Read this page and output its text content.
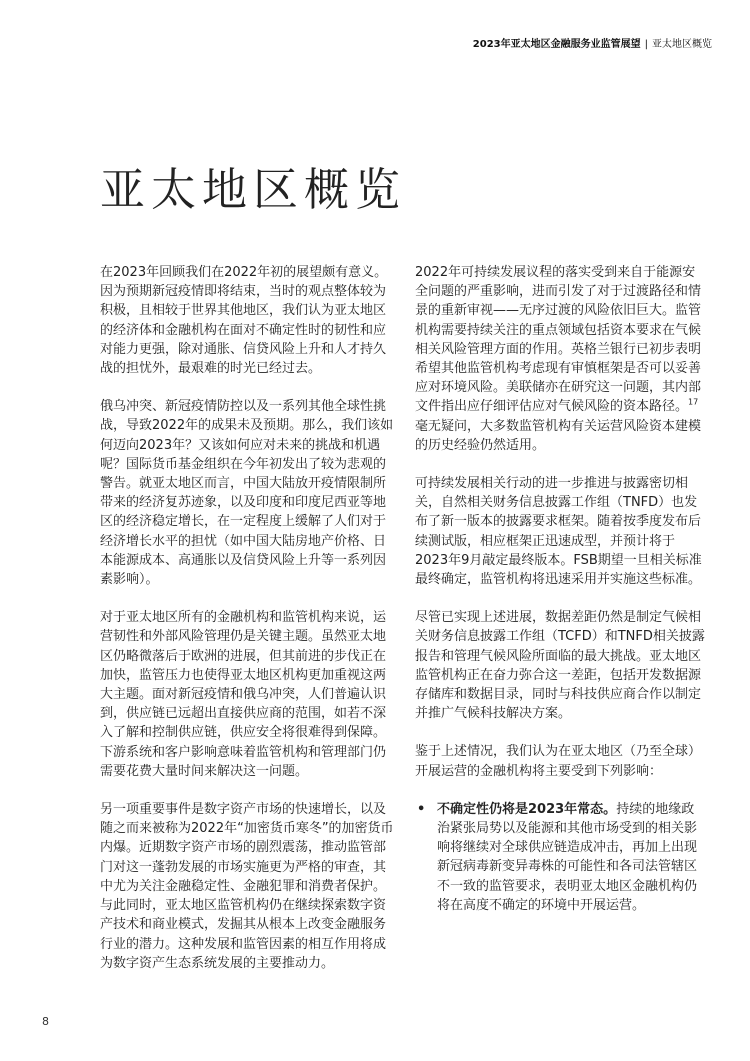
2023年亚太地区金融服务业监管展望 | 亚太地区概览
亚太地区概览

在2023年回顾我们在2022年初的展望颇有意义。因为预期新冠疫情即将结束，当时的观点整体较为积极，且相较于世界其他地区，我们认为亚太地区的经济体和金融机构在面对不确定性时的韧性和应对能力更强，除对通胀、信贷风险上升和人才持久战的担忧外，最艰难的时光已经过去。

俄乌冲突、新冠疫情防控以及一系列其他全球性挑战，导致2022年的成果未及预期。那么，我们该如何迈向2023年？又该如何应对未来的挑战和机遇呢？国际货币基金组织在今年初发出了较为悲观的警告。就亚太地区而言，中国大陆放开疫情限制所带来的经济复苏迹象，以及印度和印度尼西亚等地区的经济稳定增长，在一定程度上缓解了人们对于经济增长水平的担忧（如中国大陆房地产价格、日本能源成本、高通胀以及信贷风险上升等一系列因素影响）。

对于亚太地区所有的金融机构和监管机构来说，运营韧性和外部风险管理仍是关键主题。虽然亚太地区仍略微落后于欧洲的进展，但其前进的步伐正在加快，监管压力也使得亚太地区机构更加重视这两大主题。面对新冠疫情和俄乌冲突，人们普遍认识到，供应链已远超出直接供应商的范围，如若不深入了解和控制供应链，供应安全将很难得到保障。下游系统和客户影响意味着监管机构和管理部门仍需要花费大量时间来解决这一问题。

另一项重要事件是数字资产市场的快速增长，以及随之而来被称为2022年“加密货币寒冬”的加密货币内爆。近期数字资产市场的剧烈震荡，推动监管部门对这一蓬勃发展的市场实施更为严格的审查，其中尤为关注金融稳定性、金融犯罪和消费者保护。与此同时，亚太地区监管机构仍在继续探索数字资产技术和商业模式，发掘其从根本上改变金融服务行业的潜力。这种发展和监管因素的相互作用将成为数字资产生态系统发展的主要推动力。

2022年可持续发展议程的落实受到来自于能源安全问题的严重影响，进而引发了对于过渡路径和情景的重新审视——无序过渡的风险依旧巨大。监管机构需要持续关注的重点领域包括资本要求在气候相关风险管理方面的作用。英格兰银行已初步表明希望其他监管机构考虑现有审慎框架是否可以妥善应对环境风险。美联储亦在研究这一问题，其内部文件指出应仔细评估应对气候风险的资本路径。$^{17}$毫无疑问，大多数监管机构有关运营风险资本建模的历史经验仍然适用。

可持续发展相关行动的进一步推进与披露密切相关，自然相关财务信息披露工作组（TNFD）也发布了新一版本的披露要求框架。随着按季度发布后续测试版，相应框架正迅速成型，并预计将于2023年9月敲定最终版本。FSB期望一旦相关标准最终确定，监管机构将迅速采用并实施这些标准。

尽管已实现上述进展，数据差距仍然是制定气候相关财务信息披露工作组（TCFD）和TNFD相关披露报告和管理气候风险所面临的最大挑战。亚太地区监管机构正在奋力弥合这一差距，包括开发数据源存储库和数据目录，同时与科技供应商合作以制定并推广气候科技解决方案。

鉴于上述情况，我们认为在亚太地区（乃至全球）开展运营的金融机构将主要受到下列影响：

• 不确定性仍将是2023年常态。持续的地缘政治紧张局势以及能源和其他市场受到的相关影响将继续对全球供应链造成冲击，再加上出现新冠病毒新变异毒株的可能性和各司法管辖区不一致的监管要求，表明亚太地区金融机构仍将在高度不确定的环境中开展运营。
8
